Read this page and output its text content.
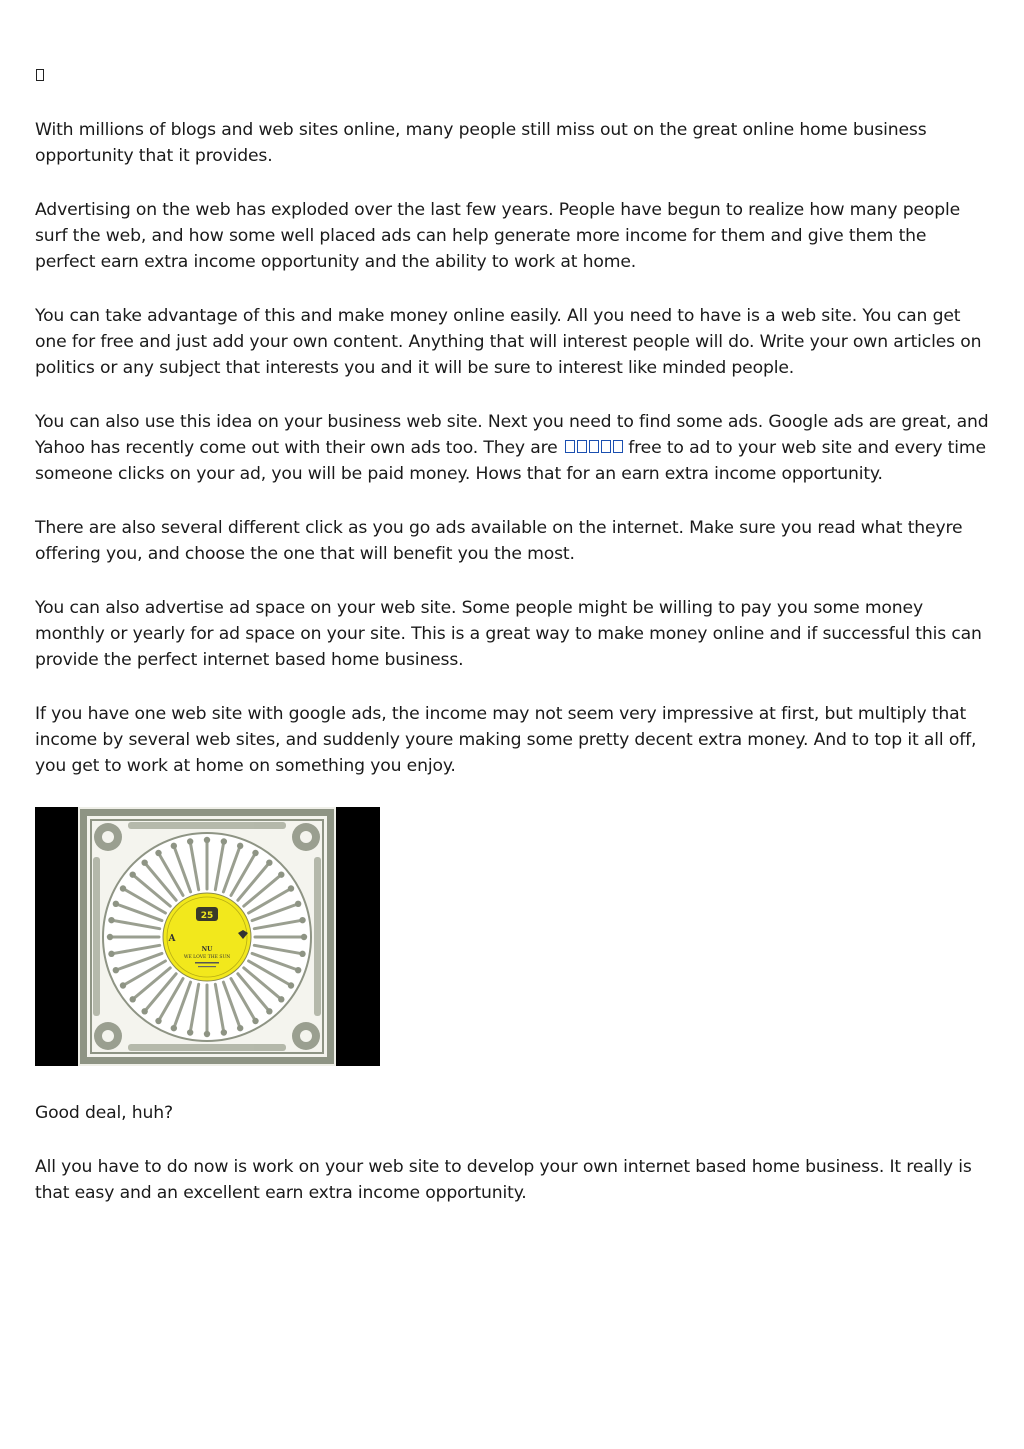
With millions of blogs and web sites online, many people still miss out on the great online home business opportunity that it provides.

Advertising on the web has exploded over the last few years. People have begun to realize how many people surf the web, and how some well placed ads can help generate more income for them and give them the perfect earn extra income opportunity and the ability to work at home.

You can take advantage of this and make money online easily. All you need to have is a web site. You can get one for free and just add your own content. Anything that will interest people will do. Write your own articles on politics or any subject that interests you and it will be sure to interest like minded people.

You can also use this idea on your business web site. Next you need to find some ads. Google ads are great, and Yahoo has recently come out with their own ads too. They are	free to ad to your web site and every time someone clicks on your ad, you will be paid money. Hows that for an earn extra income opportunity.

There are also several different click as you go ads available on the internet. Make sure you read what theyre offering you, and choose the one that will benefit you the most.

You can also advertise ad space on your web site. Some people might be willing to pay you some money monthly or yearly for ad space on your site. This is a great way to make money online and if successful this can provide the perfect internet based home business.

If you have one web site with google ads, the income may not seem very impressive at first, but multiply that income by several web sites, and suddenly youre making some pretty decent extra money. And to top it all off, you get to work at home on something you enjoy.

25
A
NU
WE LOVE THE SUN

Good deal, huh?

All you have to do now is work on your web site to develop your own internet based home business. It really is that easy and an excellent earn extra income opportunity.
